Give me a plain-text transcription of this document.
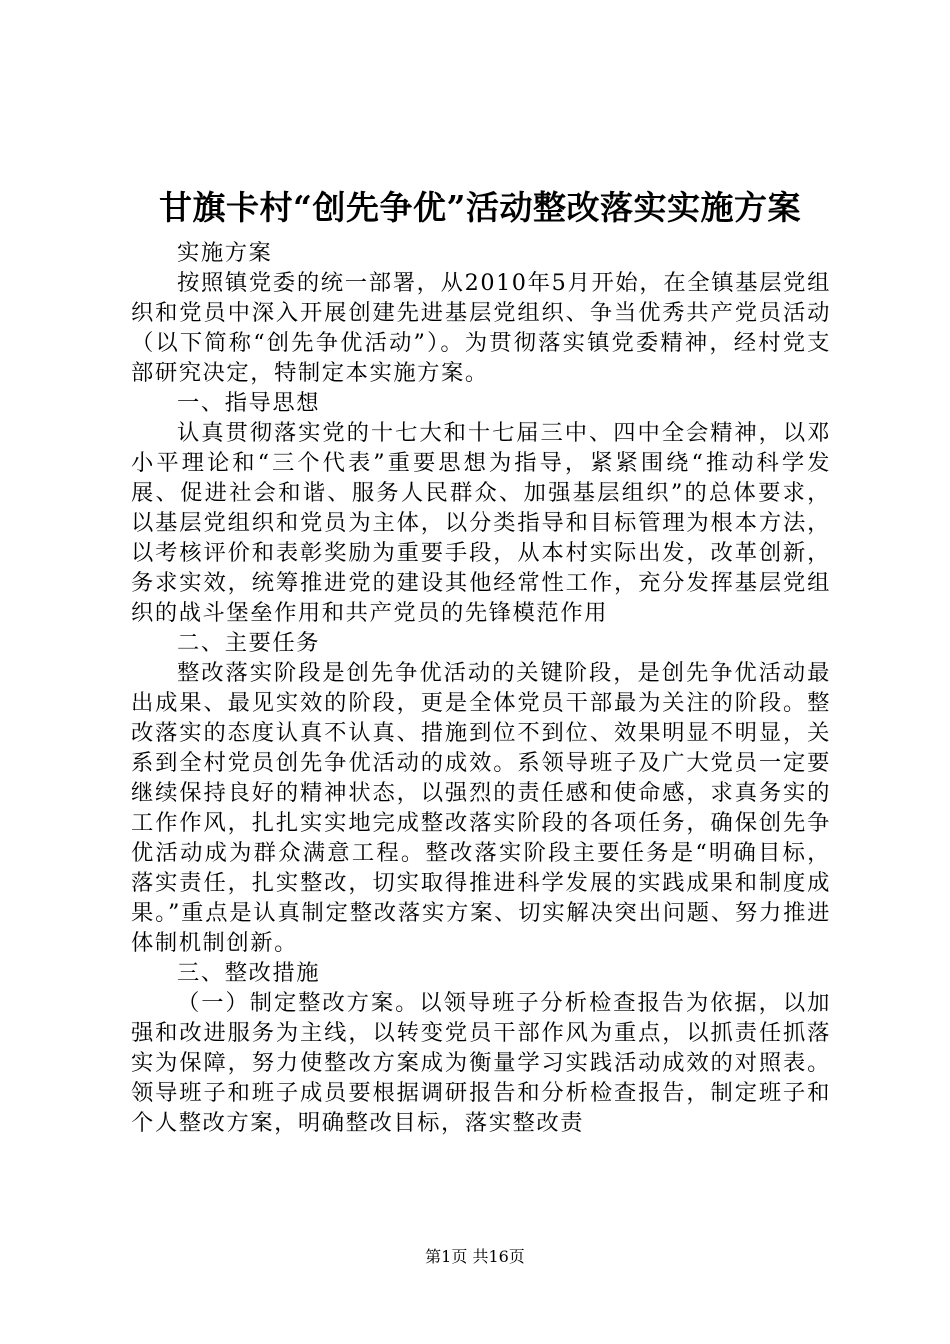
甘旗卡村“创先争优”活动整改落实实施方案

实施方案

按照镇党委的统一部署，从2010年5月开始，在全镇基层党组织和党员中深入开展创建先进基层党组织、争当优秀共产党员活动（以下简称“创先争优活动”）。为贯彻落实镇党委精神，经村党支部研究决定，特制定本实施方案。

一、指导思想

认真贯彻落实党的十七大和十七届三中、四中全会精神，以邓小平理论和“三个代表”重要思想为指导，紧紧围绕“推动科学发展、促进社会和谐、服务人民群众、加强基层组织”的总体要求，以基层党组织和党员为主体，以分类指导和目标管理为根本方法，以考核评价和表彰奖励为重要手段，从本村实际出发，改革创新，务求实效，统筹推进党的建设其他经常性工作，充分发挥基层党组织的战斗堡垒作用和共产党员的先锋模范作用

二、主要任务

整改落实阶段是创先争优活动的关键阶段，是创先争优活动最出成果、最见实效的阶段，更是全体党员干部最为关注的阶段。整改落实的态度认真不认真、措施到位不到位、效果明显不明显，关系到全村党员创先争优活动的成效。系领导班子及广大党员一定要继续保持良好的精神状态，以强烈的责任感和使命感，求真务实的工作作风，扎扎实实地完成整改落实阶段的各项任务，确保创先争优活动成为群众满意工程。整改落实阶段主要任务是“明确目标，落实责任，扎实整改，切实取得推进科学发展的实践成果和制度成果。”重点是认真制定整改落实方案、切实解决突出问题、努力推进体制机制创新。

三、整改措施

（一）制定整改方案。以领导班子分析检查报告为依据，以加强和改进服务为主线，以转变党员干部作风为重点，以抓责任抓落实为保障，努力使整改方案成为衡量学习实践活动成效的对照表。领导班子和班子成员要根据调研报告和分析检查报告，制定班子和个人整改方案，明确整改目标，落实整改责

第1页 共16页
